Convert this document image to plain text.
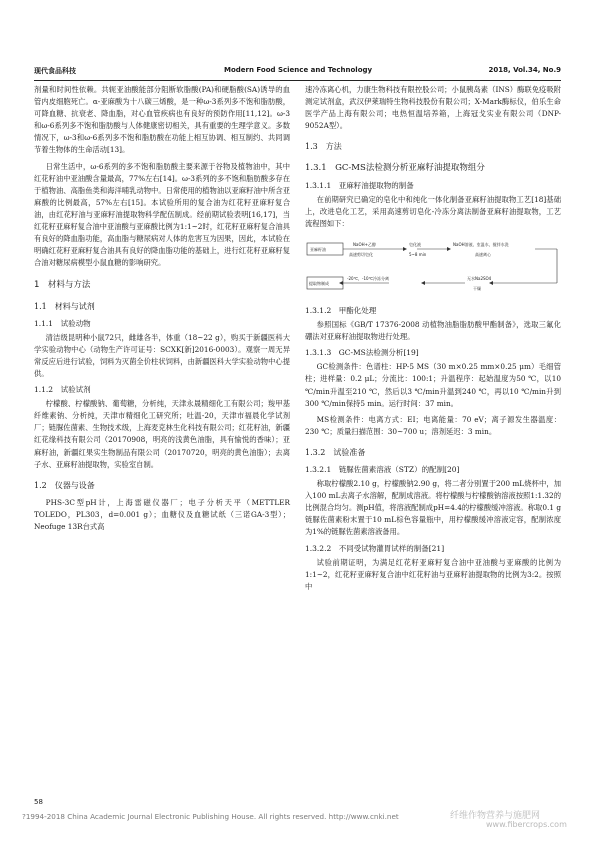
现代食品科技	Modern Food Science and Technology	2018, Vol.34, No.9

剂量和时间性依赖。共轭亚油酸能部分阻断软脂酸(PA)和硬脂酸(SA)诱导的血管内皮细胞死亡。α-亚麻酸为十八碳三烯酸，是一种ω-3系列多不饱和脂肪酸，可降血糖、抗衰老、降血脂，对心血管疾病也有良好的预防作用[11,12]。ω-3和ω-6系列多不饱和脂肪酸与人体健康密切相关，具有重要的生理学意义。多数情况下，ω-3和ω-6系列多不饱和脂肪酸在功能上相互协调、相互制约、共同调节着生物体的生命活动[13]。

日常生活中，ω-6系列的多不饱和脂肪酸主要来源于谷物及植物油中，其中红花籽油中亚油酸含量最高，77%左右[14]。ω-3系列的多不饱和脂肪酸多存在于植物油、高脂鱼类和海洋哺乳动物中。日常使用的植物油以亚麻籽油中所含亚麻酸的比例最高，57%左右[15]。本试验所用的复合油为红花籽亚麻籽复合油，由红花籽油与亚麻籽油提取物科学配伍制成。经前期试验表明[16,17]，当红花籽亚麻籽复合油中亚油酸与亚麻酸比例为1:1~2时，红花籽亚麻籽复合油具有良好的降血脂功能，高血脂与糖尿病对人体的危害互为因果，因此，本试验在明确红花籽亚麻籽复合油具有良好的降血脂功能的基础上，进行红花籽亚麻籽复合油对糖尿病模型小鼠血糖的影响研究。

1　材料与方法
1.1　材料与试剂
1.1.1　试验动物

清洁级昆明种小鼠72只，雌雄各半，体重（18~22 g），购买于新疆医科大学实验动物中心（动物生产许可证号：SCXK[新]2016-0003）。观察一周无异常反应后进行试验，饲料为灭菌全价柱状饲料，由新疆医科大学实验动物中心提供。

1.1.2　试验试剂

柠檬酸、柠檬酸钠、葡萄糖，分析纯，天津永晟精细化工有限公司；羧甲基纤维素钠、分析纯，天津市精细化工研究所；吐温-20，天津市福晨化学试剂厂；链脲佐菌素、生物技术级，上海麦克林生化科技有限公司；红花籽油，新疆红花缘科技有限公司（20170908，明亮的浅黄色油脂，具有愉悦的香味）；亚麻籽油，新疆红果实生物制品有限公司（20170720，明亮的黄色油脂）；去离子水、亚麻籽油提取物，实验室自制。

1.2　仪器与设备

PHS-3C型pH计，上海雷磁仪器厂；电子分析天平（METTLER TOLEDO，PL303，d=0.001 g）；血糖仪及血糖试纸（三诺GA-3型）；Neofuge 13R台式高

速冷冻离心机，力康生物科技有限控股公司；小鼠胰岛素（INS）酶联免疫吸附测定试剂盒，武汉伊莱瑞特生物科技股份有限公司；X-Mark酶标仪，伯乐生命医学产品上海有限公司；电热恒温培养箱，上海冠戈实业有限公司（DNP-9052A型）。

1.3　方法
1.3.1　GC-MS法检测分析亚麻籽油提取物组分
1.3.1.1　亚麻籽油提取物的制备

在前期研究已确定的皂化中和纯化一体化制备亚麻籽油提取物工艺[18]基础上，改进皂化工艺，采用高速剪切皂化-冷冻分离法制备亚麻籽油提取物，工艺流程图如下：

亚麻籽油
NaOH+乙醇
高速剪切皂化
皂化液
5~8 min
NaOH溶液、室温水，搅拌水洗
高速离心
提取物制成
-20℃，-10℃冷冻分离	无水Na2SO4
干燥
1.3.1.2　甲酯化处理

参照国标《GB/T 17376-2008 动植物油脂脂肪酸甲酯制备》，选取三氟化硼法对亚麻籽油提取物进行处理。

1.3.1.3　GC-MS法检测分析[19]

GC检测条件：色谱柱：HP-5 MS（30 m×0.25 mm×0.25 μm）毛细管柱；进样量：0.2 μL；分流比：100:1；升温程序：起始温度为50 ℃，以10 ℃/min升温至210 ℃，然后以3 ℃/min升温到240 ℃，再以10 ℃/min升到300 ℃/min保持5 min。运行时间：37 min。

MS检测条件：电离方式：EI；电离能量：70 eV；离子源发生器温度：230 ℃；质量扫描范围：30~700 u；溶剂延迟：3 min。

1.3.2　试验准备
1.3.2.1　链脲佐菌素溶液（STZ）的配制[20]

称取柠檬酸2.10 g，柠檬酸钠2.90 g，将二者分别置于200 mL烧杯中，加入100 mL去离子水溶解，配制成溶液。将柠檬酸与柠檬酸钠溶液按照1:1.32的比例混合均匀。测pH值，将溶液配制成pH=4.4的柠檬酸缓冲溶液。称取0.1 g链脲佐菌素粉末置于10 mL棕色容量瓶中，用柠檬酸缓冲溶液定容，配制浓度为1%的链脲佐菌素溶液备用。

1.3.2.2　不同受试物灌胃试样的制备[21]

试验前期证明，为满足红花籽亚麻籽复合油中亚油酸与亚麻酸的比例为1:1~2，红花籽亚麻籽复合油中红花籽油与亚麻籽油提取物的比例为3:2。按照中

58
?1994-2018 China Academic Journal Electronic Publishing House. All rights reserved. http://www.cnki.net	纤维作物营养与施肥网
www.fibercrops.com
